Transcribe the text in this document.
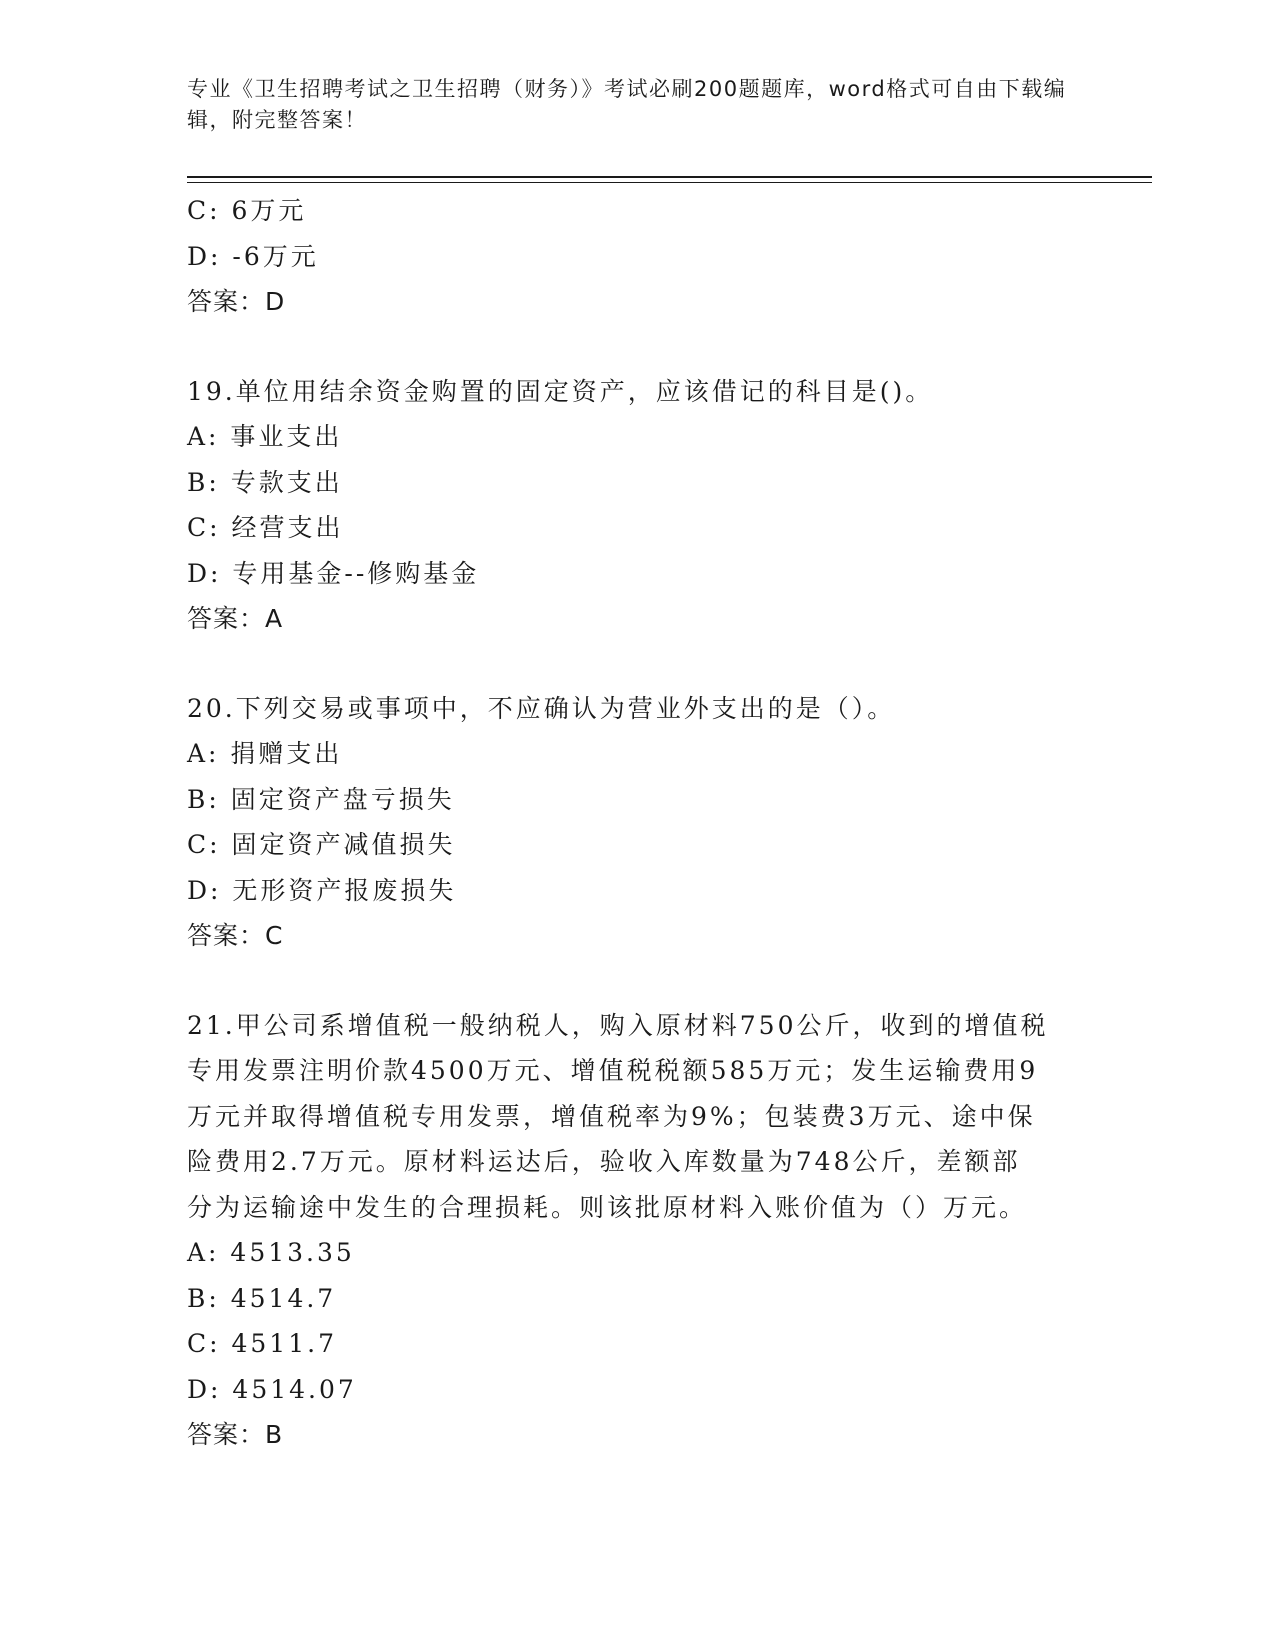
专业《卫生招聘考试之卫生招聘（财务）》考试必刷200题题库，word格式可自由下载编辑，附完整答案！
C: 6万元
D: -6万元
答案：D
19.单位用结余资金购置的固定资产，应该借记的科目是()。
A: 事业支出
B: 专款支出
C: 经营支出
D: 专用基金--修购基金
答案：A
20.下列交易或事项中，不应确认为营业外支出的是（）。
A: 捐赠支出
B: 固定资产盘亏损失
C: 固定资产减值损失
D: 无形资产报废损失
答案：C
21.甲公司系增值税一般纳税人，购入原材料750公斤，收到的增值税
专用发票注明价款4500万元、增值税税额585万元；发生运输费用9
万元并取得增值税专用发票，增值税率为9%；包装费3万元、途中保
险费用2.7万元。原材料运达后，验收入库数量为748公斤，差额部
分为运输途中发生的合理损耗。则该批原材料入账价值为（）万元。
A: 4513.35
B: 4514.7
C: 4511.7
D: 4514.07
答案：B
